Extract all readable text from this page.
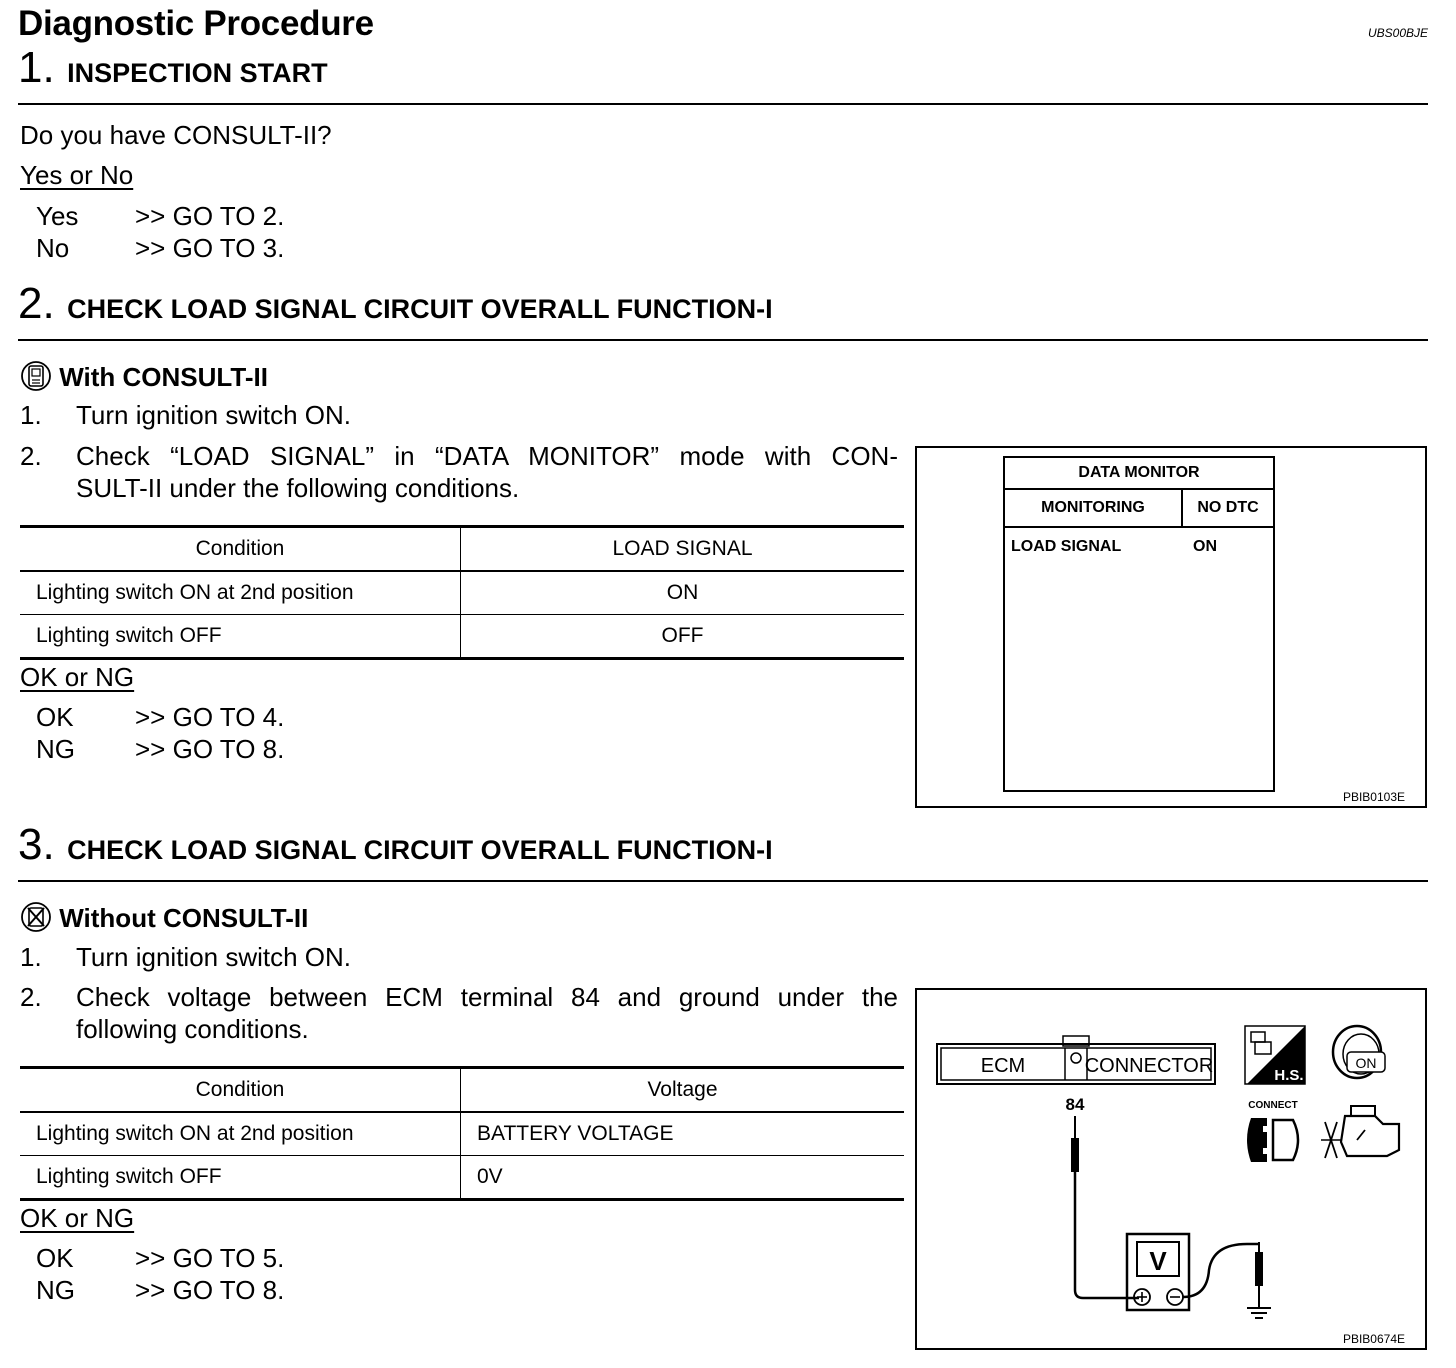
Diagnostic Procedure	UBS00BJE
1. INSPECTION START
Do you have CONSULT-II?
Yes or No
Yes >> GO TO 2.
No	>> GO TO 3.
2. CHECK LOAD SIGNAL CIRCUIT OVERALL FUNCTION-I
With CONSULT-II
1. Turn ignition switch ON.
2. Check “LOAD SIGNAL” in “DATA MONITOR” mode with CON-
SULT-II under the following conditions.
Condition	LOAD SIGNAL
Lighting switch ON at 2nd position	ON
Lighting switch OFF	OFF
OK or NG
OK >> GO TO 4.
NG >> GO TO 8.
DATA MONITOR
MONITORING	NO DTC
LOAD SIGNAL	ON
PBIB0103E
3. CHECK LOAD SIGNAL CIRCUIT OVERALL FUNCTION-I
Without CONSULT-II
1. Turn ignition switch ON.
2. Check voltage between ECM terminal 84 and ground under the
following conditions.
Condition	Voltage
Lighting switch ON at 2nd position	BATTERY VOLTAGE
Lighting switch OFF	0V
OK or NG
OK >> GO TO 5.
NG >> GO TO 8.
ECM	CONNECTOR
84
V
H.S.
ON
CONNECT
PBIB0674E
